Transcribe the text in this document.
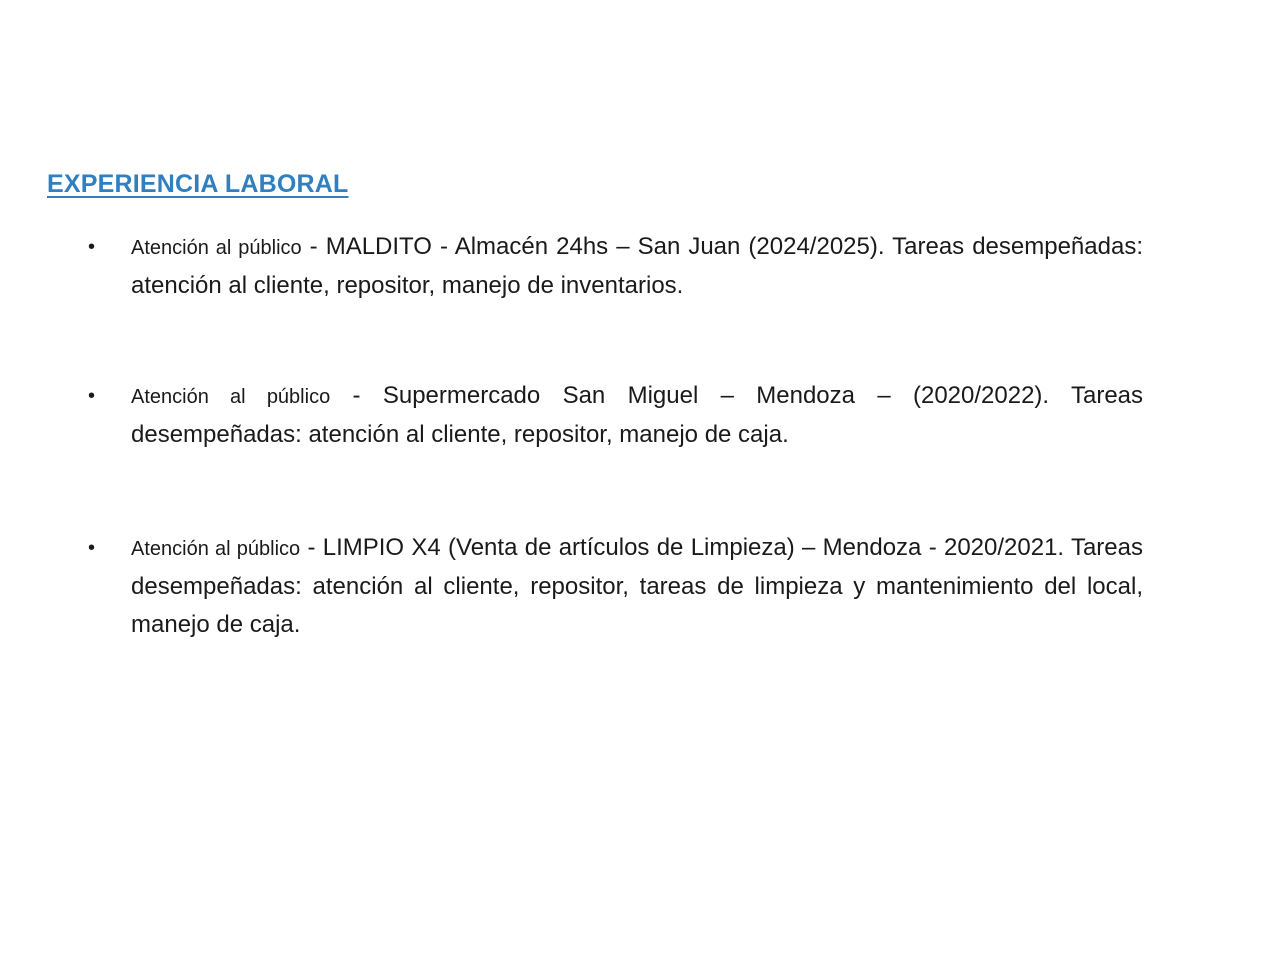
EXPERIENCIA LABORAL
• Atención al público - MALDITO - Almacén 24hs – San Juan (2024/2025). Tareas desempeñadas: atención al cliente, repositor, manejo de inventarios.

• Atención al público - Supermercado San Miguel – Mendoza – (2020/2022). Tareas desempeñadas: atención al cliente, repositor, manejo de caja.

• Atención al público - LIMPIO X4 (Venta de artículos de Limpieza) – Mendoza - 2020/2021. Tareas desempeñadas: atención al cliente, repositor, tareas de limpieza y mantenimiento del local, manejo de caja.
